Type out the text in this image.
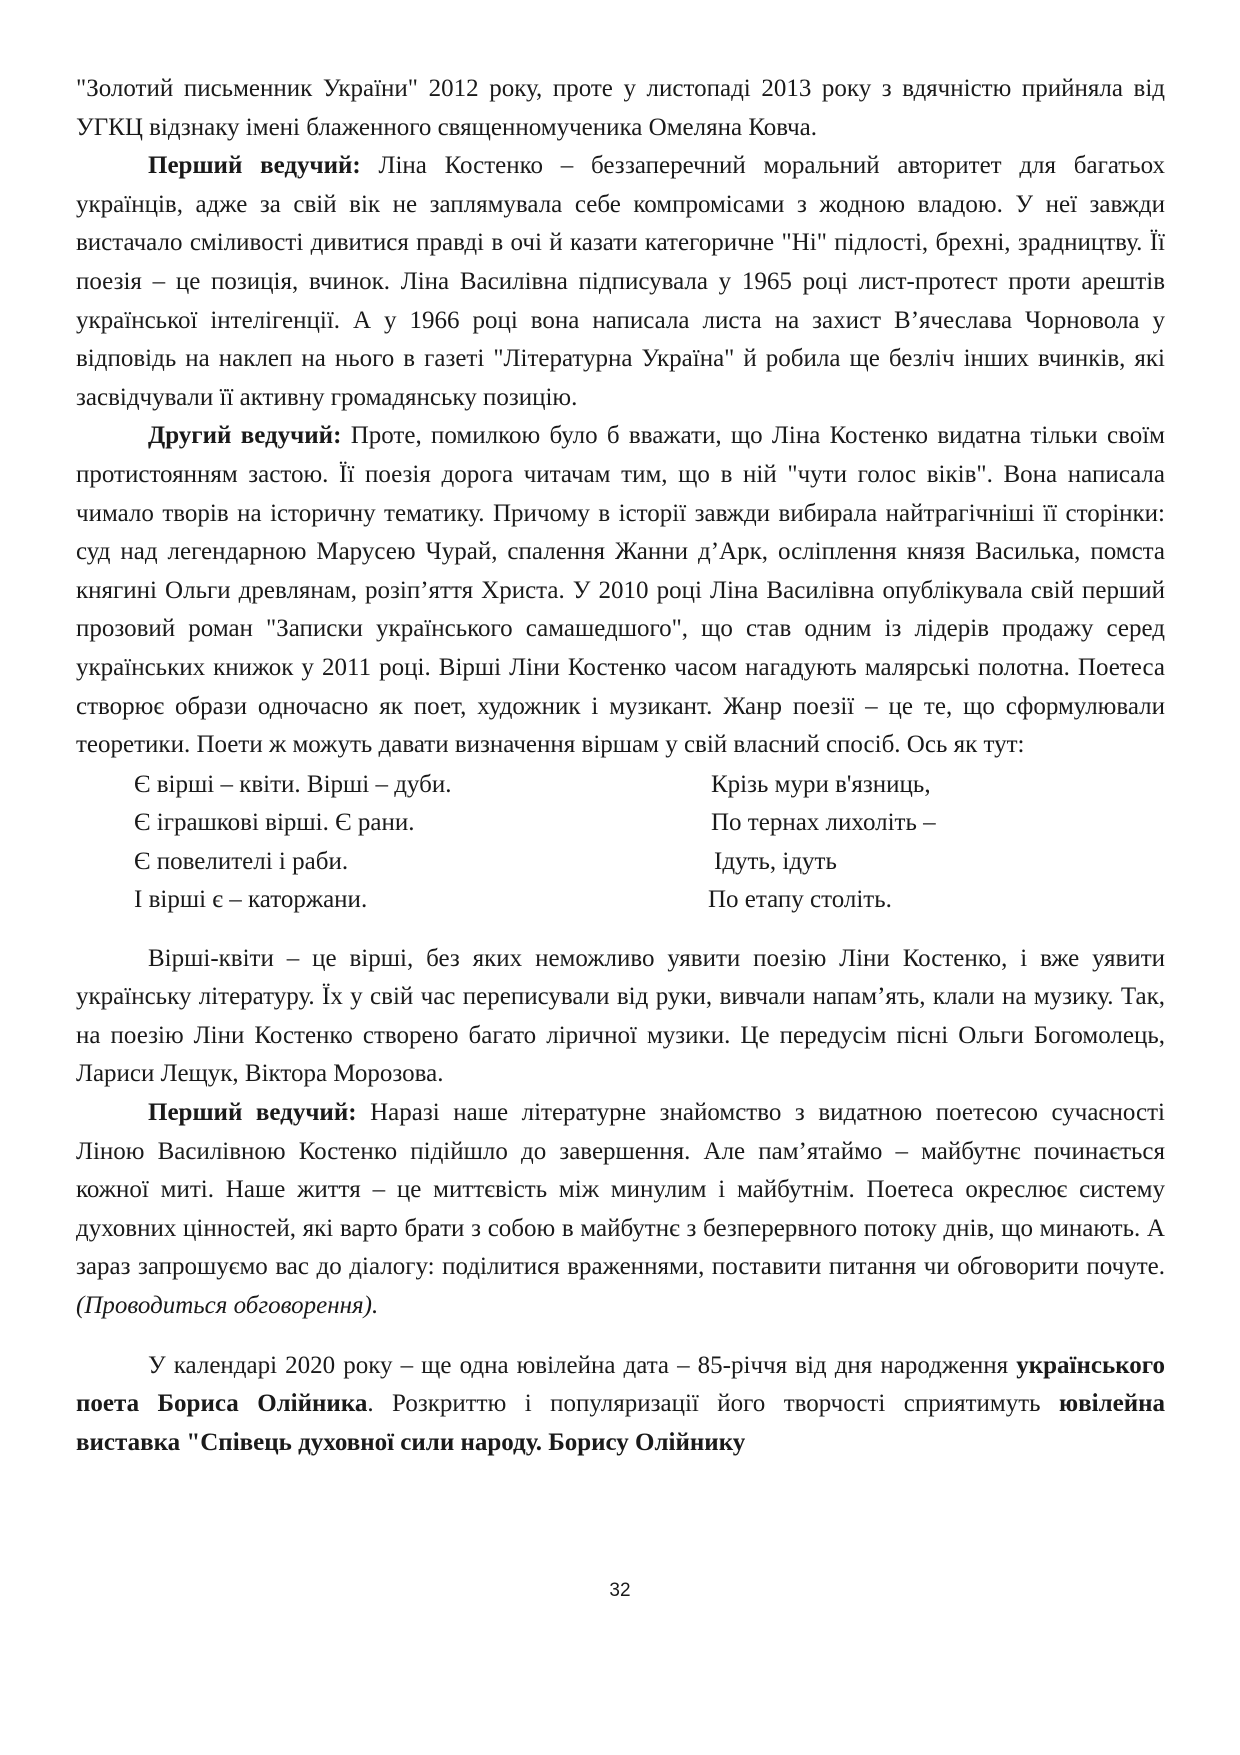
"Золотий письменник України" 2012 року, проте у листопаді 2013 року з вдячністю прийняла від УГКЦ відзнаку імені блаженного священномученика Омеляна Ковча.

Перший ведучий: Ліна Костенко – беззаперечний моральний авторитет для багатьох українців, адже за свій вік не заплямувала себе компромісами з жодною владою. У неї завжди вистачало сміливості дивитися правді в очі й казати категоричне "Ні" підлості, брехні, зрадництву. Її поезія – це позиція, вчинок. Ліна Василівна підписувала у 1965 році лист-протест проти арештів української інтелігенції. А у 1966 році вона написала листа на захист В’ячеслава Чорновола у відповідь на наклеп на нього в газеті "Літературна Україна" й робила ще безліч інших вчинків, які засвідчували її активну громадянську позицію.

Другий ведучий: Проте, помилкою було б вважати, що Ліна Костенко видатна тільки своїм протистоянням застою. Її поезія дорога читачам тим, що в ній "чути голос віків". Вона написала чимало творів на історичну тематику. Причому в історії завжди вибирала найтрагічніші її сторінки: суд над легендарною Марусею Чурай, спалення Жанни д’Арк, осліплення князя Василька, помста княгині Ольги древлянам, розіп’яття Христа. У 2010 році Ліна Василівна опублікувала свій перший прозовий роман "Записки українського самашедшого", що став одним із лідерів продажу серед українських книжок у 2011 році. Вірші Ліни Костенко часом нагадують малярські полотна. Поетеса створює образи одночасно як поет, художник і музикант. Жанр поезії – це те, що сформулювали теоретики. Поети ж можуть давати визначення віршам у свій власний спосіб. Ось як тут:

Є вірші – квіти. Вірші – дуби.

Є іграшкові вірші. Є рани.

Є повелителі і раби.

І вірші є – каторжани.

Крізь мури в'язниць,

По тернах лихоліть –

Ідуть, ідуть

По етапу століть.

Вірші-квіти – це вірші, без яких неможливо уявити поезію Ліни Костенко, і вже уявити українську літературу. Їх у свій час переписували від руки, вивчали напам’ять, клали на музику. Так, на поезію Ліни Костенко створено багато ліричної музики. Це передусім пісні Ольги Богомолець, Лариси Лещук, Віктора Морозова.

Перший ведучий: Наразі наше літературне знайомство з видатною поетесою сучасності Ліною Василівною Костенко підійшло до завершення. Але пам’ятаймо – майбутнє починається кожної миті. Наше життя – це миттєвість між минулим і майбутнім. Поетеса окреслює систему духовних цінностей, які варто брати з собою в майбутнє з безперервного потоку днів, що минають. А зараз запрошуємо вас до діалогу: поділитися враженнями, поставити питання чи обговорити почуте. (Проводиться обговорення).

У календарі 2020 року – ще одна ювілейна дата – 85-річчя від дня народження українського поета Бориса Олійника. Розкриттю і популяризації його творчості сприятимуть ювілейна виставка "Співець духовної сили народу. Борису Олійнику

32
